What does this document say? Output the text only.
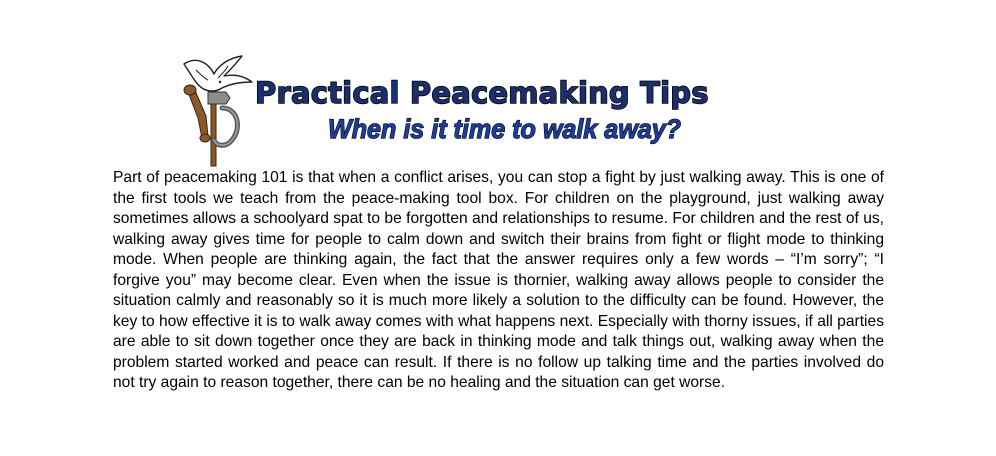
Practical Peacemaking Tips
When is it time to walk away?

Part of peacemaking 101 is that when a conflict arises, you can stop a fight by just walking away. This is one of the first tools we teach from the peace-making tool box. For children on the playground, just walking away sometimes allows a schoolyard spat to be forgotten and relationships to resume. For children and the rest of us, walking away gives time for people to calm down and switch their brains from fight or flight mode to thinking mode. When people are thinking again, the fact that the answer requires only a few words – “I’m sorry”; “I forgive you” may become clear. Even when the issue is thornier, walking away allows people to consider the situation calmly and reasonably so it is much more likely a solution to the difficulty can be found. However, the key to how effective it is to walk away comes with what happens next. Especially with thorny issues, if all parties are able to sit down together once they are back in thinking mode and talk things out, walking away when the problem started worked and peace can result. If there is no follow up talking time and the parties involved do not try again to reason together, there can be no healing and the situation can get worse.
